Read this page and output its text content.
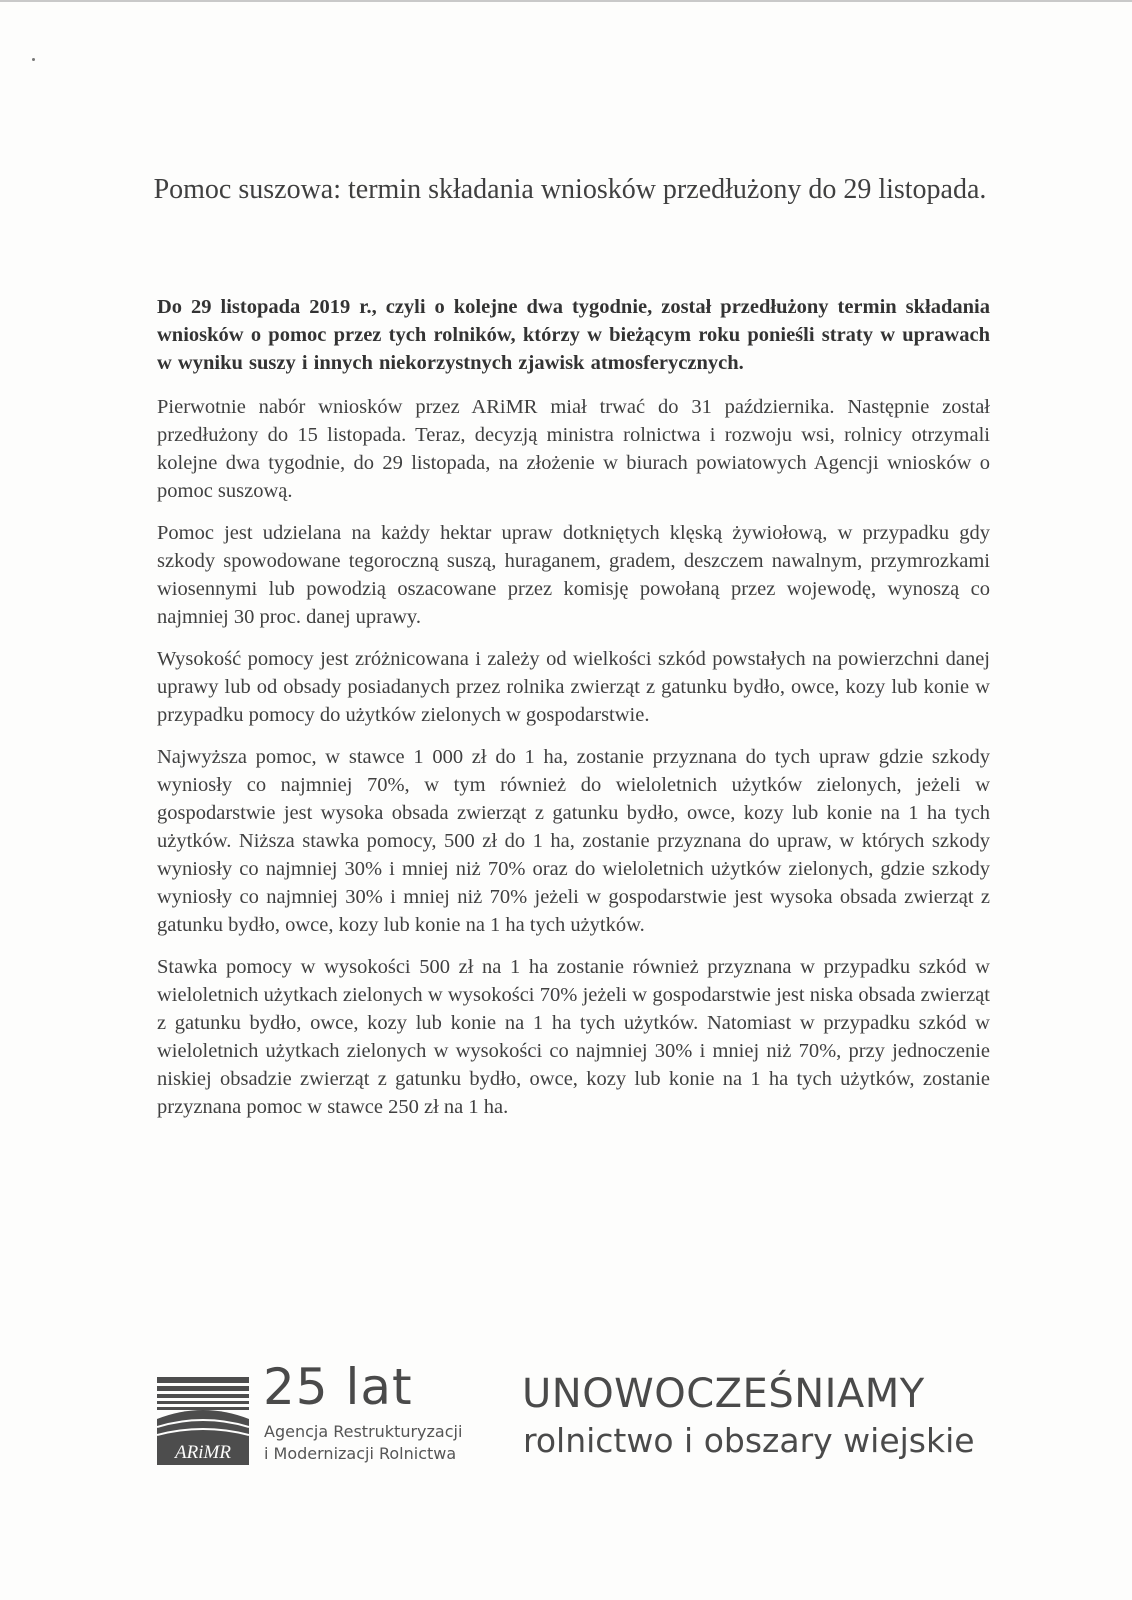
Pomoc suszowa: termin składania wniosków przedłużony do 29 listopada.

Do 29 listopada 2019 r., czyli o kolejne dwa tygodnie, został przedłużony termin składania wniosków o pomoc przez tych rolników, którzy w bieżącym roku ponieśli straty w uprawach w wyniku suszy i innych niekorzystnych zjawisk atmosferycznych.

Pierwotnie nabór wniosków przez ARiMR miał trwać do 31 października. Następnie został przedłużony do 15 listopada. Teraz, decyzją ministra rolnictwa i rozwoju wsi, rolnicy otrzymali kolejne dwa tygodnie, do 29 listopada, na złożenie w biurach powiatowych Agencji wniosków o pomoc suszową.

Pomoc jest udzielana na każdy hektar upraw dotkniętych klęską żywiołową, w przypadku gdy szkody spowodowane tegoroczną suszą, huraganem, gradem, deszczem nawalnym, przymrozkami wiosennymi lub powodzią oszacowane przez komisję powołaną przez wojewodę, wynoszą co najmniej 30 proc. danej uprawy.

Wysokość pomocy jest zróżnicowana i zależy od wielkości szkód powstałych na powierzchni danej uprawy lub od obsady posiadanych przez rolnika zwierząt z gatunku bydło, owce, kozy lub konie w przypadku pomocy do użytków zielonych w gospodarstwie.

Najwyższa pomoc, w stawce 1 000 zł do 1 ha, zostanie przyznana do tych upraw gdzie szkody wyniosły co najmniej 70%, w tym również do wieloletnich użytków zielonych, jeżeli w gospodarstwie jest wysoka obsada zwierząt z gatunku bydło, owce, kozy lub konie na 1 ha tych użytków. Niższa stawka pomocy, 500 zł do 1 ha, zostanie przyznana do upraw, w których szkody wyniosły co najmniej 30% i mniej niż 70% oraz do wieloletnich użytków zielonych, gdzie szkody wyniosły co najmniej 30% i mniej niż 70% jeżeli w gospodarstwie jest wysoka obsada zwierząt z gatunku bydło, owce, kozy lub konie na 1 ha tych użytków.

Stawka pomocy w wysokości 500 zł na 1 ha zostanie również przyznana w przypadku szkód w wieloletnich użytkach zielonych w wysokości 70% jeżeli w gospodarstwie jest niska obsada zwierząt z gatunku bydło, owce, kozy lub konie na 1 ha tych użytków. Natomiast w przypadku szkód w wieloletnich użytkach zielonych w wysokości co najmniej 30% i mniej niż 70%, przy jednoczenie niskiej obsadzie zwierząt z gatunku bydło, owce, kozy lub konie na 1 ha tych użytków, zostanie przyznana pomoc w stawce 250 zł na 1 ha.

ARiMR
25 lat
Agencja Restrukturyzacji
i Modernizacji Rolnictwa
UNOWOCZEŚNIAMY
rolnictwo i obszary wiejskie
